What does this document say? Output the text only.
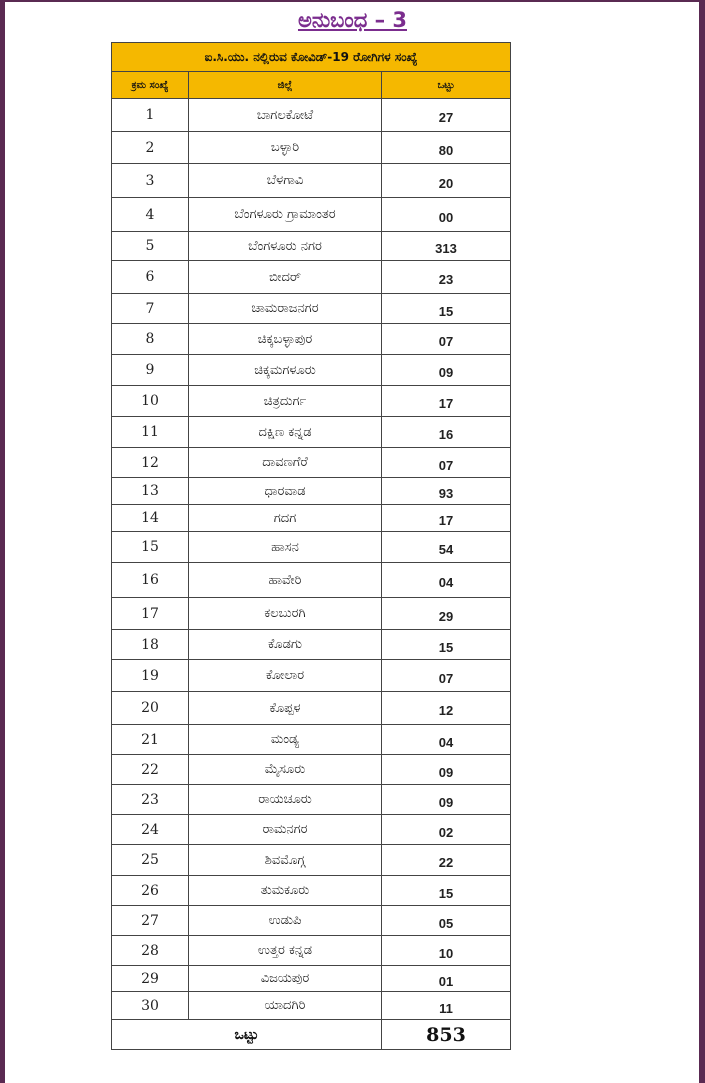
ಅನುಬಂಧ – 3
ಐ.ಸಿ.ಯು. ನಲ್ಲಿರುವ ಕೋವಿಡ್-19 ರೋಗಿಗಳ ಸಂಖ್ಯೆ		
ಕ್ರಮ ಸಂಖ್ಯೆ	ಜಿಲ್ಲೆ	ಒಟ್ಟು
1	ಬಾಗಲಕೋಟೆ	27
2	ಬಳ್ಳಾರಿ	80
3	ಬೆಳಗಾವಿ	20
4	ಬೆಂಗಳೂರು ಗ್ರಾಮಾಂತರ	00
5	ಬೆಂಗಳೂರು ನಗರ	313
6	ಬೀದರ್	23
7	ಚಾಮರಾಜನಗರ	15
8	ಚಿಕ್ಕಬಳ್ಳಾಪುರ	07
9	ಚಿಕ್ಕಮಗಳೂರು	09
10	ಚಿತ್ರದುರ್ಗ	17
11	ದಕ್ಷಿಣ ಕನ್ನಡ	16
12	ದಾವಣಗೆರೆ	07
13	ಧಾರವಾಡ	93
14	ಗದಗ	17
15	ಹಾಸನ	54
16	ಹಾವೇರಿ	04
17	ಕಲಬುರಗಿ	29
18	ಕೊಡಗು	15
19	ಕೋಲಾರ	07
20	ಕೊಪ್ಪಳ	12
21	ಮಂಡ್ಯ	04
22	ಮೈಸೂರು	09
23	ರಾಯಚೂರು	09
24	ರಾಮನಗರ	02
25	ಶಿವಮೊಗ್ಗ	22
26	ತುಮಕೂರು	15
27	ಉಡುಪಿ	05
28	ಉತ್ತರ ಕನ್ನಡ	10
29	ವಿಜಯಪುರ	01
30	ಯಾದಗಿರಿ	11
ಒಟ್ಟು		853
